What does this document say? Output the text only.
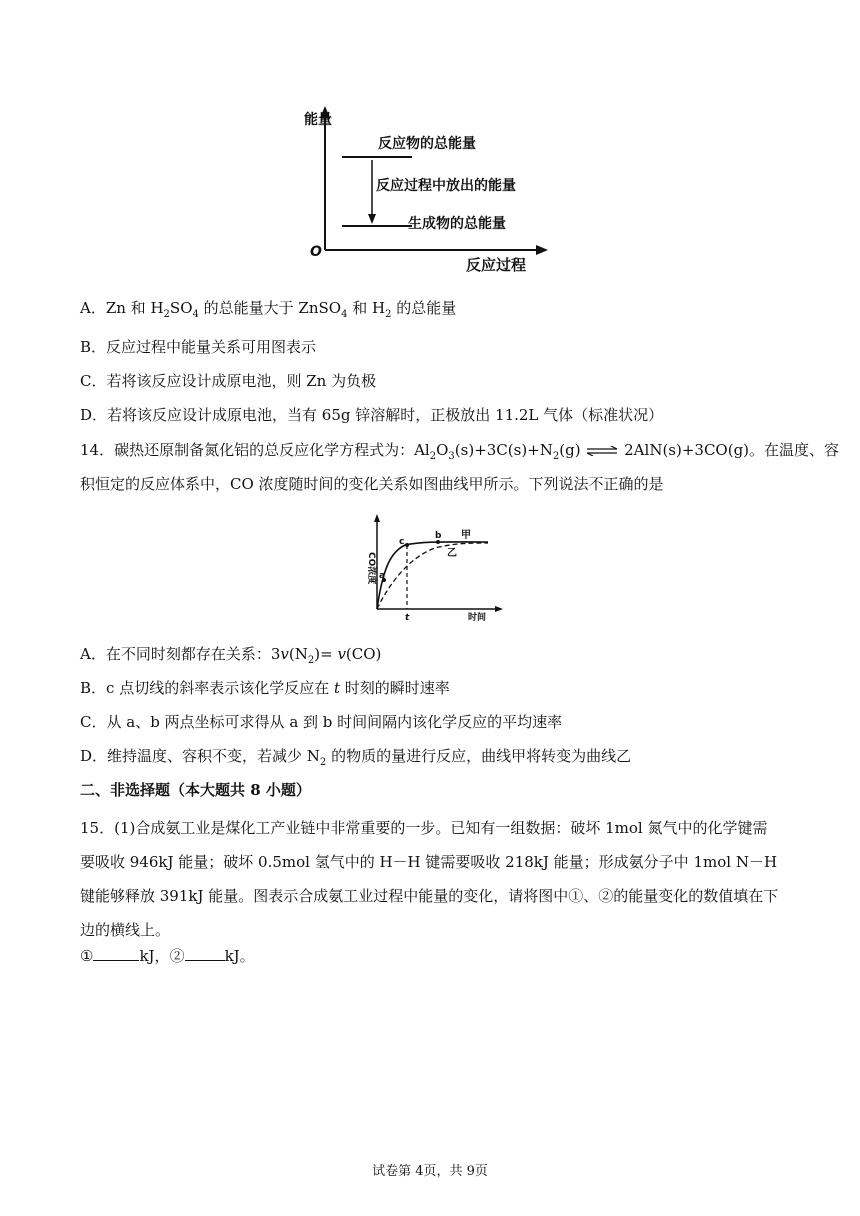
能量
O
反应过程
反应物的总能量
反应过程中放出的能量
生成物的总能量
A．Zn 和 $H_2SO_4$ 的总能量大于 ZnSO$_4$ 和 $H_2$ 的总能量
B．反应过程中能量关系可用图表示
C．若将该反应设计成原电池，则 Zn 为负极
D．若将该反应设计成原电池，当有 65g 锌溶解时，正极放出 11.2L 气体（标准状况）
14．碳热还原制备氮化铝的总反应化学方程式为：$Al_2O_3(s)+3C(s)+N_2(g)$ ⇌ 2AlN(s)+3CO(g)。在温度、容
积恒定的反应体系中，CO 浓度随时间的变化关系如图曲线甲所示。下列说法不正确的是
CO浓度
时间
t
a
c
b 甲
乙
A．在不同时刻都存在关系：$3v(N_2)= v(CO)$
B．c 点切线的斜率表示该化学反应在 t 时刻的瞬时速率
C．从 a、b 两点坐标可求得从 a 到 b 时间间隔内该化学反应的平均速率
D．维持温度、容积不变，若减少 $N_2$ 的物质的量进行反应，曲线甲将转变为曲线乙
二、非选择题（本大题共 8 小题）
15．(1)合成氨工业是煤化工产业链中非常重要的一步。已知有一组数据：破坏 1mol 氮气中的化学键需要吸收 946kJ 能量；破坏 0.5mol 氢气中的 H－H 键需要吸收 218kJ 能量；形成氨分子中 1mol N－H 键能够释放 391kJ 能量。图表示合成氨工业过程中能量的变化，请将图中①、②的能量变化的数值填在下边的横线上。
①	kJ，②	kJ。
试卷第 4页，共 9页
